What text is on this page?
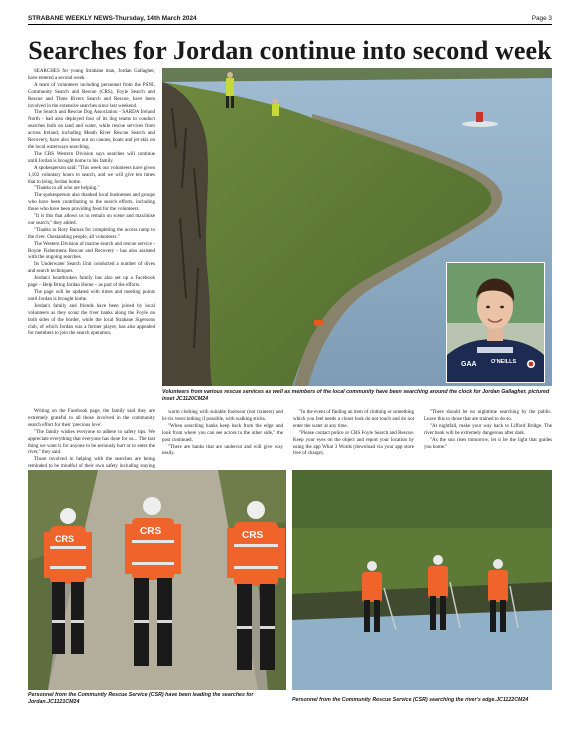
STRABANE WEEKLY NEWS-Thursday, 14th March 2024	Page 3
Searches for Jordan continue into second week

SEARCHES for young Strabane man, Jordan Gallagher, have entered a second week.

A team of volunteers including personnel from the PSNI, Community Search and Rescue (CRS), Foyle Search and Rescue and Three Rivers Search and Rescue, have been involved in the extensive searches since last weekend.

The Search and Rescue Dog Association - SARDA Ireland North - had also deployed four of its dog teams to conduct searches both on land and water, while rescue services from across Ireland, including Meath River Rescue Search and Recovery, have also been out on canoes, boats and jet skis on the local waterways searching.

The CRS Western Division says searches will continue until Jordan is brought home to his family.

A spokesperson said: "This week our volunteers have given 1,102 voluntary hours to search, and we will give ten times that to bring Jordan home.

"Thanks to all who are helping."

The spokesperson also thanked local businesses and groups who have been contributing to the search efforts, including those who have been providing food for the volunteers.

"It is this that allows us to remain on scene and maximise our search," they added.

"Thanks to Rory Barnes for completing the access ramp to the river. Outstanding people, all volunteers."

The Western Division of marine search and rescue service - Boyne Fishermens Rescue and Recovery - has also assisted with the ongoing searches.

Its Underwater Search Unit conducted a number of dives and search techniques.

Jordan's heartbroken family has also set up a Facebook page – Help Bring Jordan Home – as part of the efforts.

The page will be updated with times and meeting points until Jordan is brought home.

Jordan's family and friends have been joined by local volunteers as they scour the river banks along the Foyle on both sides of the border, while the local Strabane Sigersons club, of which Jordan was a former player, has also appealed for members to join the search operation.

GAA	O'NEILLS
Volunteers from various rescue services as well as members of the local community have been searching around the clock for Jordan Gallagher, pictured inset JC1120CM24

Writing on the Facebook page, the family said they are extremely grateful to all those involved in the community search effort for their 'precious love'.

"The family wishes everyone to adhere to safety tips. We appreciate everything that everyone has done for us... The last thing we want is for anyone to be seriously hurt or to enter the river," they said.

Those involved in helping with the searches are being reminded to be mindful of their own safety including staying

warm clothing with suitable footwear (not trainers) and hi-vis vest/clothing if possible, with walking sticks.

"When searching banks keep back from the edge and look from where you can see across to the other side," the post continued.

"There are banks that are undercut and will give way easily.

"In the event of finding an item of clothing or something which you feel needs a closer look do not touch and do not enter the water at any time.

"Please contact police or CRS Foyle Search and Rescue. Keep your eyes on the object and report your location by using the app What 3 Words (download via your app store free of charge).

"There should be no nighttime searching by the public. Leave this to those that are trained to do so.

"At nightfall, make your way back to Lifford Bridge. The river bank will be extremely dangerous after dark.

"As the sun rises tomorrow, let it be the light that guides you home."

CRS
CRS	CRS
Personnel from the Community Rescue Service (CSR) have been leading the searches for Jordan.JC1121CM24	Personnel from the Community Rescue Service (CSR) searching the river's edge.JC1122CM24
